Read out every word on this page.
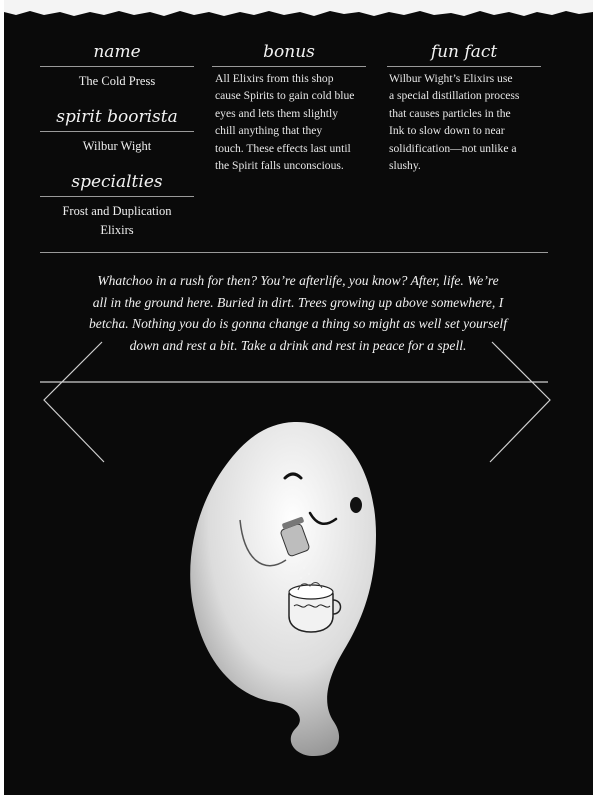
name
The Cold Press
spirit boorista
Wilbur Wight
specialties
Frost and Duplication
Elixirs
bonus
All Elixirs from this shop
cause Spirits to gain cold blue
eyes and lets them slightly
chill anything that they
touch. These effects last until
the Spirit falls unconscious.
fun fact
Wilbur Wight’s Elixirs use
a special distillation process
that causes particles in the
Ink to slow down to near
solidification—not unlike a
slushy.
Whatchoo in a rush for then? You’re afterlife, you know? After, life. We’re
all in the ground here. Buried in dirt. Trees growing up above somewhere, I
betcha. Nothing you do is gonna change a thing so might as well set yourself
down and rest a bit. Take a drink and rest in peace for a spell.
